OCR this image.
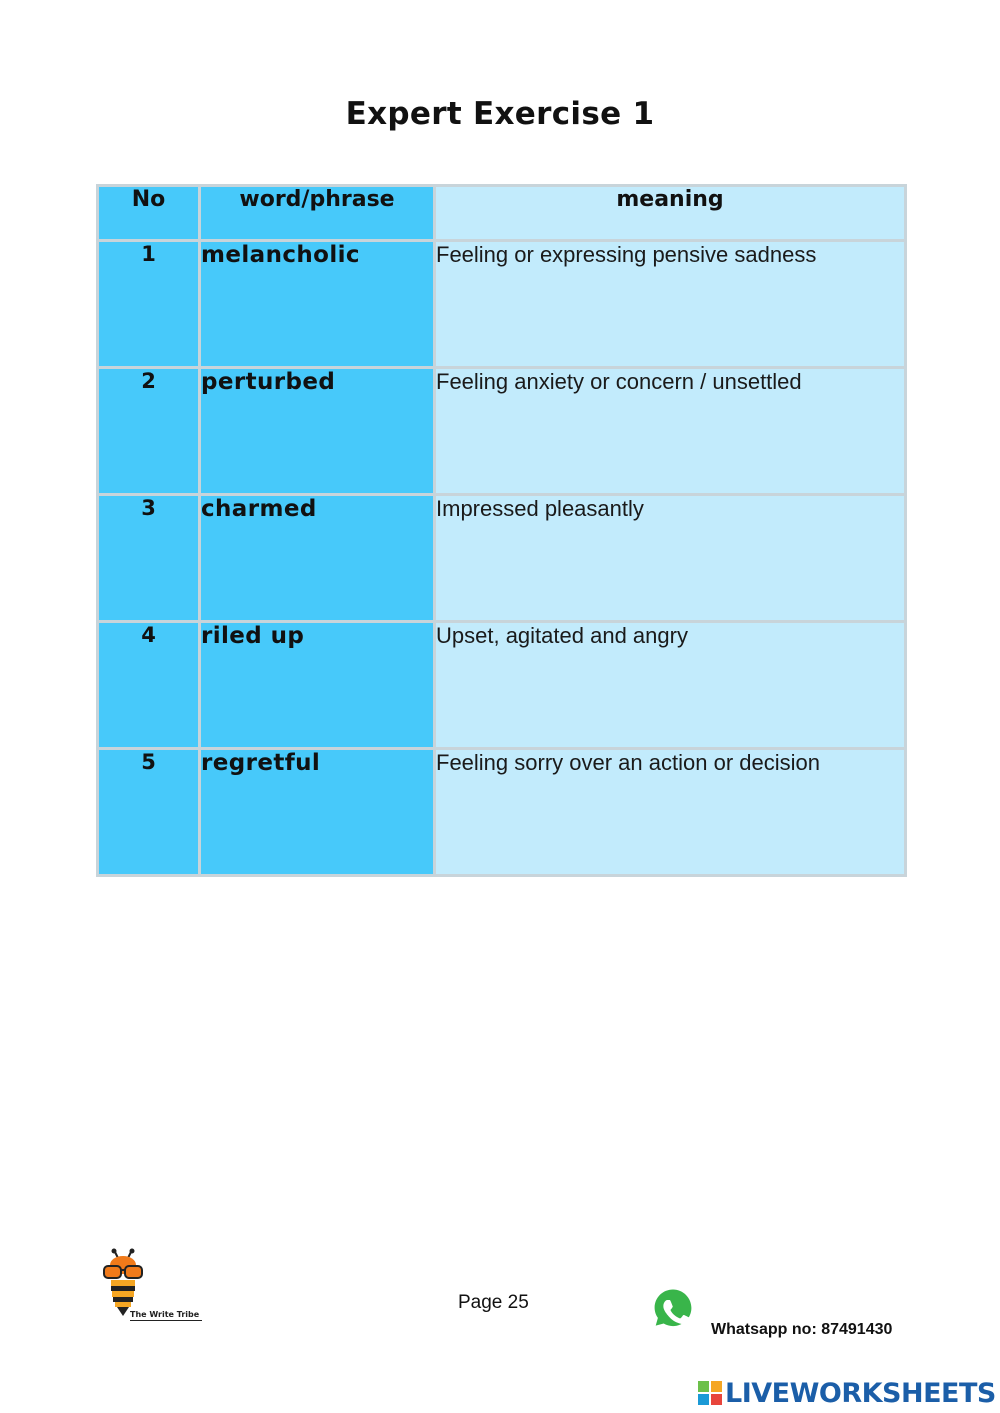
Expert Exercise 1
No	word/phrase	meaning
1	melancholic	Feeling or expressing pensive sadness
2	perturbed	Feeling anxiety or concern / unsettled
3	charmed	Impressed pleasantly
4	riled up	Upset, agitated and angry
5	regretful	Feeling sorry over an action or decision
The Write Tribe
Page 25
Whatsapp no: 87491430
LIVEWORKSHEETS
